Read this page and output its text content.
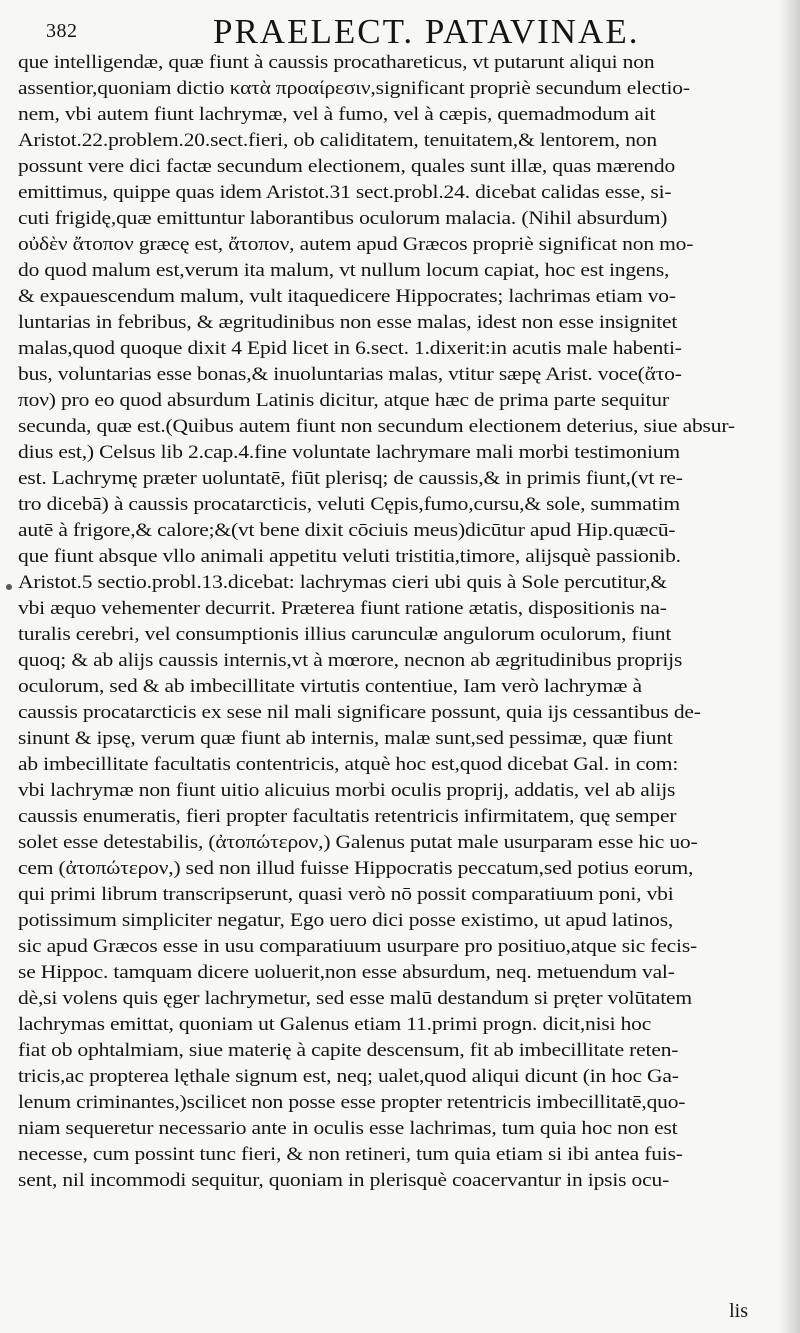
382	PRAELECT. PATAVINAE.
que intelligendæ, quæ fiunt à caussis procathareticus, vt putarunt aliqui non
assentior,quoniam dictio κατὰ προαίρεσιν,significant propriè secundum electio-
nem, vbi autem fiunt lachrymæ, vel à fumo, vel à cæpis, quemadmodum ait
Aristot.22.problem.20.sect.fieri, ob caliditatem, tenuitatem,& lentorem, non
possunt vere dici factæ secundum electionem, quales sunt illæ, quas mærendo
emittimus, quippe quas idem Aristot.31 sect.probl.24. dicebat calidas esse, si-
cuti frigidę,quæ emittuntur laborantibus oculorum malacia. (Nihil absurdum)
οὐδὲν ἄτοπον græcę est, ἄτοπον, autem apud Græcos propriè significat non mo-
do quod malum est,verum ita malum, vt nullum locum capiat, hoc est ingens,
& expauescendum malum, vult itaquedicere Hippocrates; lachrimas etiam vo-
luntarias in febribus, & ægritudinibus non esse malas, idest non esse insignitet
malas,quod quoque dixit 4 Epid licet in 6.sect. 1.dixerit:in acutis male habenti-
bus, voluntarias esse bonas,& inuoluntarias malas, vtitur sæpę Arist. voce(ἄτο-
πον) pro eo quod absurdum Latinis dicitur, atque hæc de prima parte sequitur
secunda, quæ est.(Quibus autem fiunt non secundum electionem deterius, siue absur-
dius est,) Celsus lib 2.cap.4.fine voluntate lachrymare mali morbi testimonium
est. Lachrymę præter uoluntatē, fiūt plerisq; de caussis,& in primis fiunt,(vt re-
tro dicebā) à caussis procatarcticis, veluti Cępis,fumo,cursu,& sole, summatim
autē à frigore,& calore;&(vt bene dixit cōciuis meus)dicūtur apud Hip.quæcū-
que fiunt absque vllo animali appetitu veluti tristitia,timore, alijsquè passionib.
Aristot.5 sectio.probl.13.dicebat: lachrymas cieri ubi quis à Sole percutitur,&
vbi æquo vehementer decurrit. Præterea fiunt ratione ætatis, dispositionis na-
turalis cerebri, vel consumptionis illius carunculæ angulorum oculorum, fiunt
quoq; & ab alijs caussis internis,vt à mœrore, necnon ab ægritudinibus proprijs
oculorum, sed & ab imbecillitate virtutis contentiue, Iam verò lachrymæ à
caussis procatarcticis ex sese nil mali significare possunt, quia ijs cessantibus de-
sinunt & ipsę, verum quæ fiunt ab internis, malæ sunt,sed pessimæ, quæ fiunt
ab imbecillitate facultatis contentricis, atquè hoc est,quod dicebat Gal. in com:
vbi lachrymæ non fiunt uitio alicuius morbi oculis proprij, addatis, vel ab alijs
caussis enumeratis, fieri propter facultatis retentricis infirmitatem, quę semper
solet esse detestabilis, (ἀτοπώτερον,) Galenus putat male usurparam esse hic uo-
cem (ἀτοπώτερον,) sed non illud fuisse Hippocratis peccatum,sed potius eorum,
qui primi librum transcripserunt, quasi verò nō possit comparatiuum poni, vbi
potissimum simpliciter negatur, Ego uero dici posse existimo, ut apud latinos,
sic apud Græcos esse in usu comparatiuum usurpare pro positiuo,atque sic fecis-
se Hippoc. tamquam dicere uoluerit,non esse absurdum, neq. metuendum val-
dè,si volens quis ęger lachrymetur, sed esse malū destandum si pręter volūtatem
lachrymas emittat, quoniam ut Galenus etiam 11.primi progn. dicit,nisi hoc
fiat ob ophtalmiam, siue materię à capite descensum, fit ab imbecillitate reten-
tricis,ac propterea lęthale signum est, neq; ualet,quod aliqui dicunt (in hoc Ga-
lenum criminantes,)scilicet non posse esse propter retentricis imbecillitatē,quo-
niam sequeretur necessario ante in oculis esse lachrimas, tum quia hoc non est
necesse, cum possint tunc fieri, & non retineri, tum quia etiam si ibi antea fuis-
sent, nil incommodi sequitur, quoniam in plerisquè coacervantur in ipsis ocu-
lis
